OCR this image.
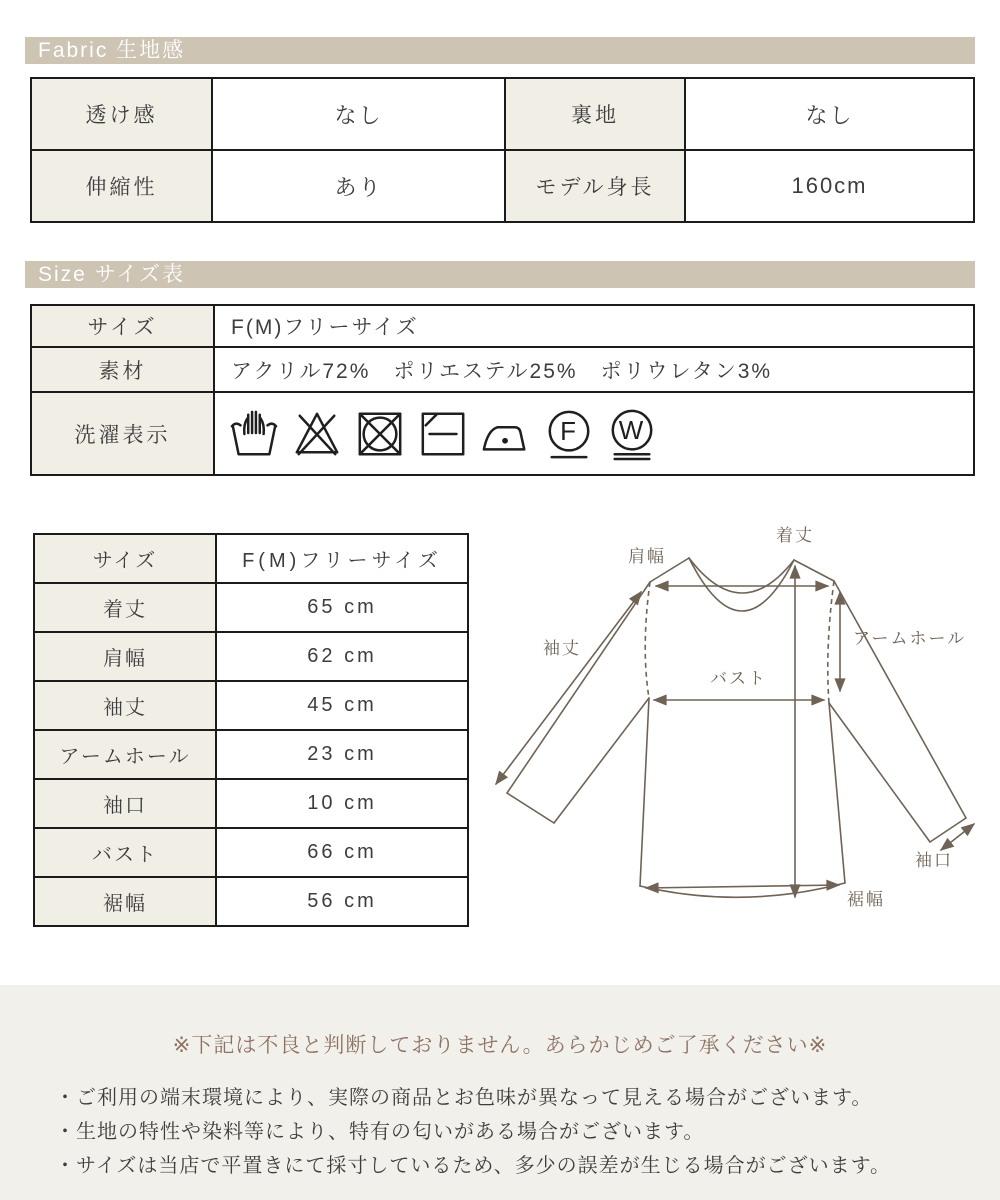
Fabric 生地感
透け感	なし	裏地	なし
伸縮性	あり	モデル身長	160cm
Size サイズ表
サイズ	F(M)フリーサイズ
素材	アクリル72%　ポリエステル25%　ポリウレタン3%
洗濯表示	F W
サイズ	F(M)フリーサイズ
着丈	65 cm
肩幅	62 cm
袖丈	45 cm
アームホール	23 cm
袖口	10 cm
バスト	66 cm
裾幅	56 cm
肩幅
着丈
袖丈
アームホール
バスト
袖口
裾幅
※下記は不良と判断しておりません。あらかじめご了承ください※
・ご利用の端末環境により、実際の商品とお色味が異なって見える場合がございます。
・生地の特性や染料等により、特有の匂いがある場合がございます。
・サイズは当店で平置きにて採寸しているため、多少の誤差が生じる場合がございます。
